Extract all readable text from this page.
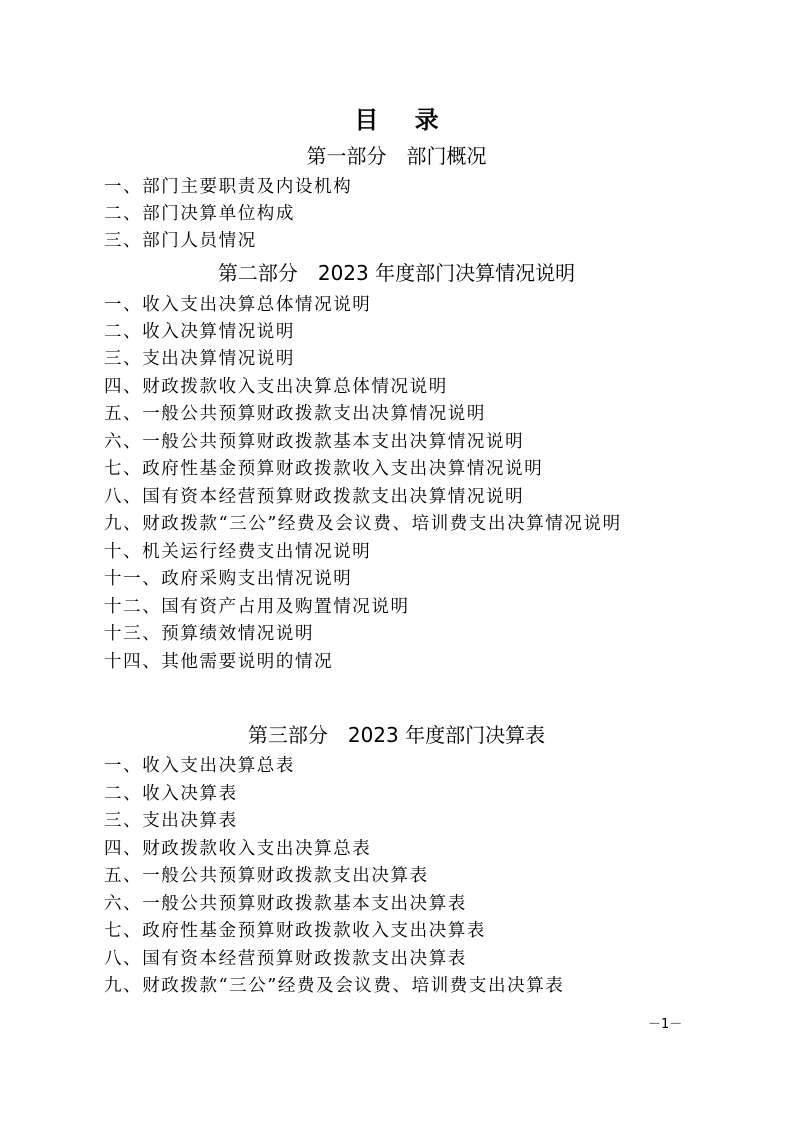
目 录
第一部分　部门概况
一、部门主要职责及内设机构
二、部门决算单位构成
三、部门人员情况
第二部分　2023 年度部门决算情况说明
一、收入支出决算总体情况说明
二、收入决算情况说明
三、支出决算情况说明
四、财政拨款收入支出决算总体情况说明
五、一般公共预算财政拨款支出决算情况说明
六、一般公共预算财政拨款基本支出决算情况说明
七、政府性基金预算财政拨款收入支出决算情况说明
八、国有资本经营预算财政拨款支出决算情况说明
九、财政拨款“三公”经费及会议费、培训费支出决算情况说明
十、机关运行经费支出情况说明
十一、政府采购支出情况说明
十二、国有资产占用及购置情况说明
十三、预算绩效情况说明
十四、其他需要说明的情况
第三部分　2023 年度部门决算表
一、收入支出决算总表
二、收入决算表
三、支出决算表
四、财政拨款收入支出决算总表
五、一般公共预算财政拨款支出决算表
六、一般公共预算财政拨款基本支出决算表
七、政府性基金预算财政拨款收入支出决算表
八、国有资本经营预算财政拨款支出决算表
九、财政拨款“三公”经费及会议费、培训费支出决算表
－1－
